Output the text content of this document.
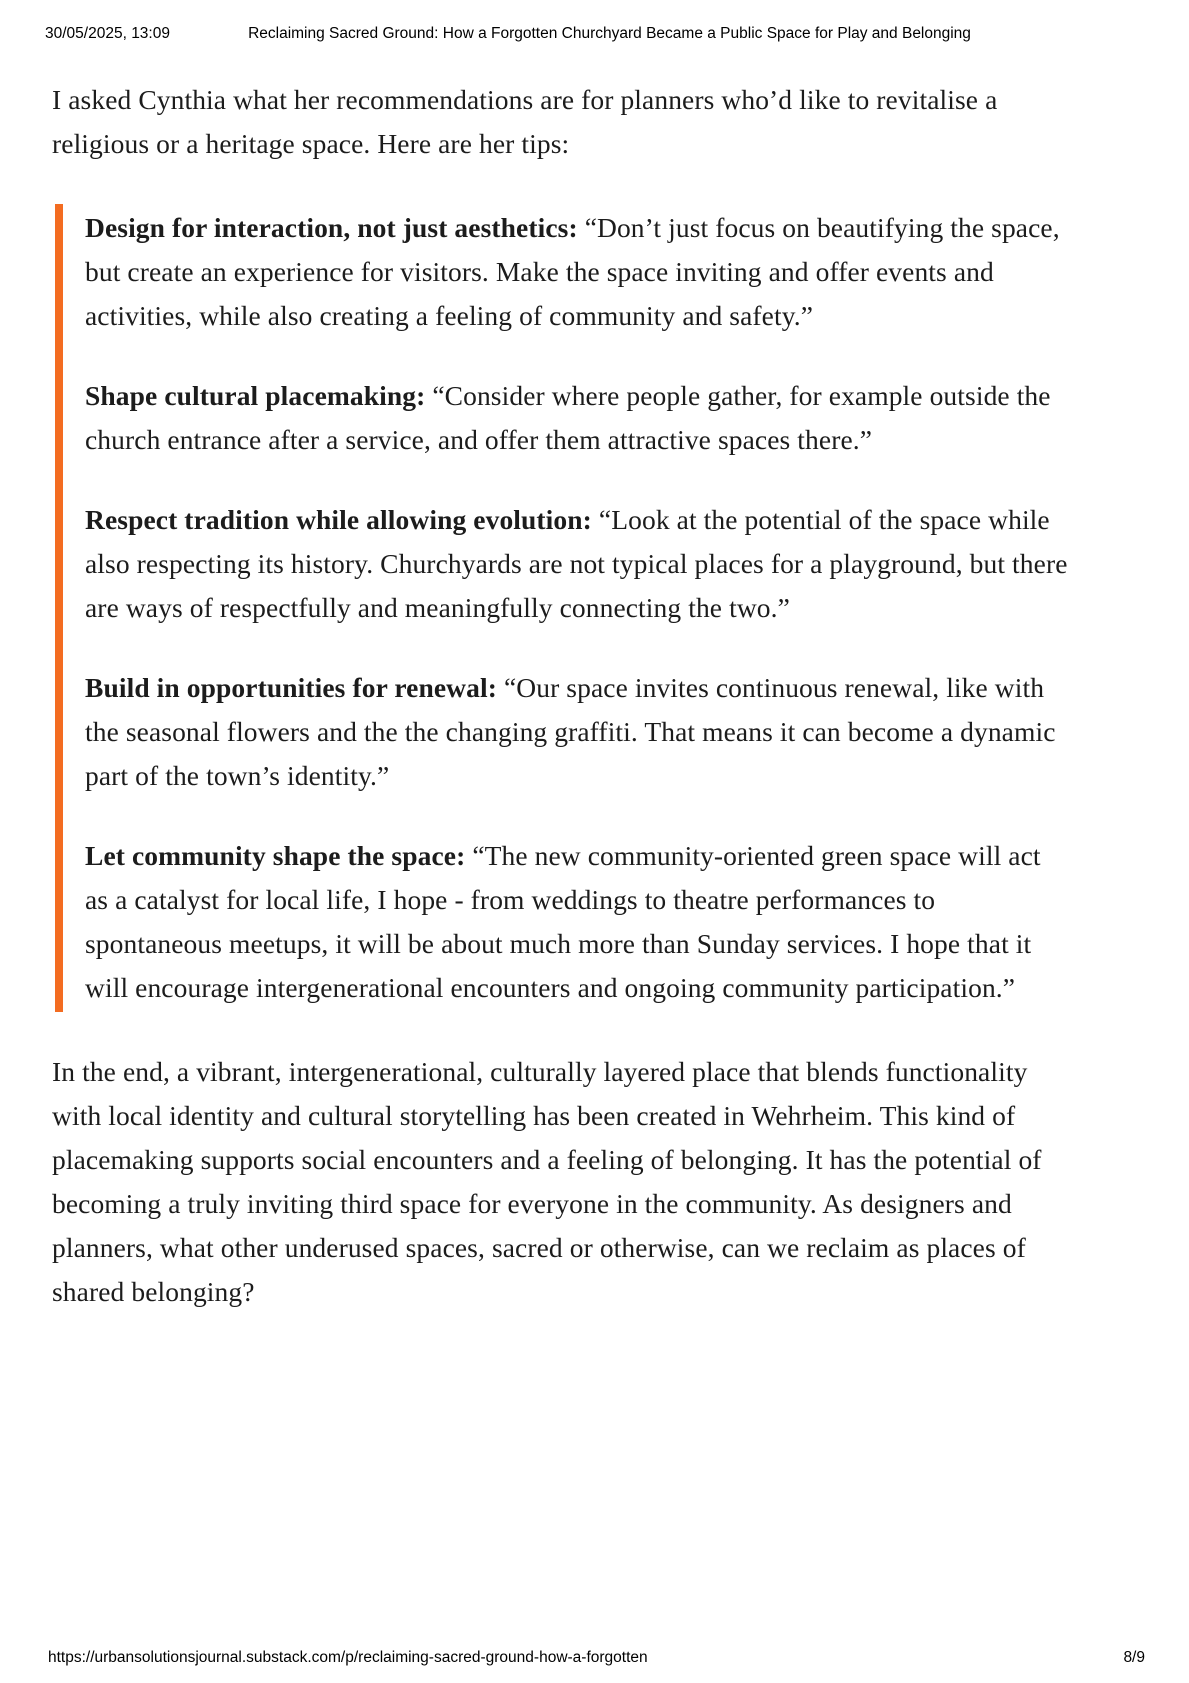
30/05/2025, 13:09	Reclaiming Sacred Ground: How a Forgotten Churchyard Became a Public Space for Play and Belonging

I asked Cynthia what her recommendations are for planners who’d like to revitalise a religious or a heritage space. Here are her tips:

Design for interaction, not just aesthetics: “Don’t just focus on beautifying the space, but create an experience for visitors. Make the space inviting and offer events and activities, while also creating a feeling of community and safety.”

Shape cultural placemaking: “Consider where people gather, for example outside the church entrance after a service, and offer them attractive spaces there.”

Respect tradition while allowing evolution: “Look at the potential of the space while also respecting its history. Churchyards are not typical places for a playground, but there are ways of respectfully and meaningfully connecting the two.”

Build in opportunities for renewal: “Our space invites continuous renewal, like with the seasonal flowers and the the changing graffiti. That means it can become a dynamic part of the town’s identity.”

Let community shape the space: “The new community-oriented green space will act as a catalyst for local life, I hope - from weddings to theatre performances to spontaneous meetups, it will be about much more than Sunday services. I hope that it will encourage intergenerational encounters and ongoing community participation.”

In the end, a vibrant, intergenerational, culturally layered place that blends functionality with local identity and cultural storytelling has been created in Wehrheim. This kind of placemaking supports social encounters and a feeling of belonging. It has the potential of becoming a truly inviting third space for everyone in the community. As designers and planners, what other underused spaces, sacred or otherwise, can we reclaim as places of shared belonging?

https://urbansolutionsjournal.substack.com/p/reclaiming-sacred-ground-how-a-forgotten	8/9
